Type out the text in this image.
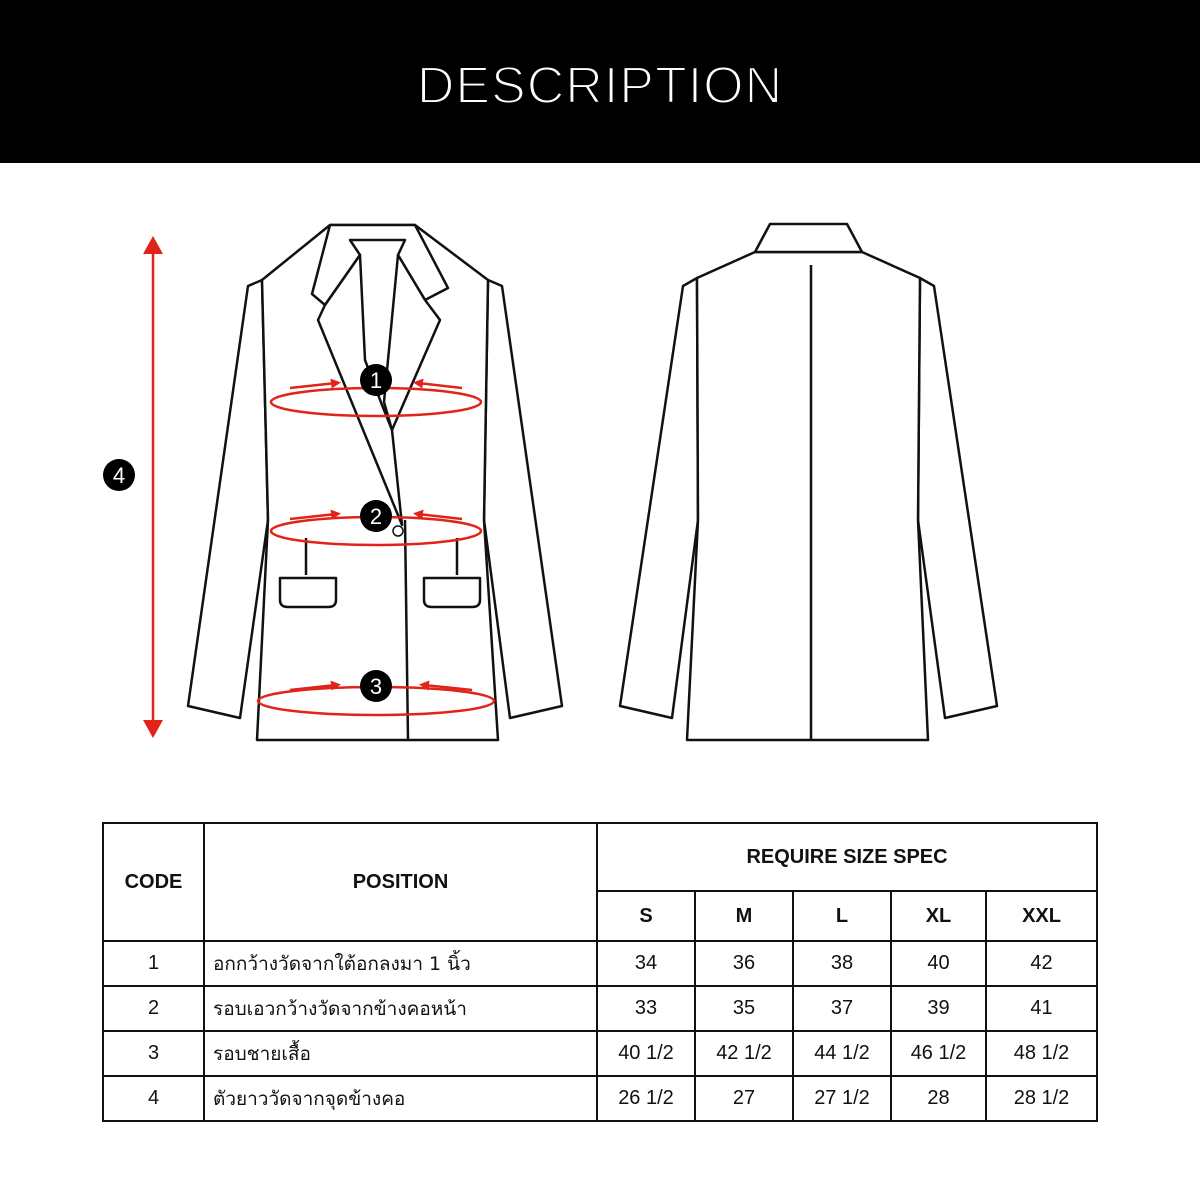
DESCRIPTION
1
2
3
4
CODE	POSITION	REQUIRE SIZE SPEC				
		S	M	L	XL	XXL
1	อกกว้างวัดจากใต้อกลงมา 1 นิ้ว	34	36	38	40	42
2	รอบเอวกว้างวัดจากข้างคอหน้า	33	35	37	39	41
3	รอบชายเสื้อ	40 1/2	42 1/2	44 1/2	46 1/2	48 1/2
4	ตัวยาววัดจากจุดข้างคอ	26 1/2	27	27 1/2	28	28 1/2
